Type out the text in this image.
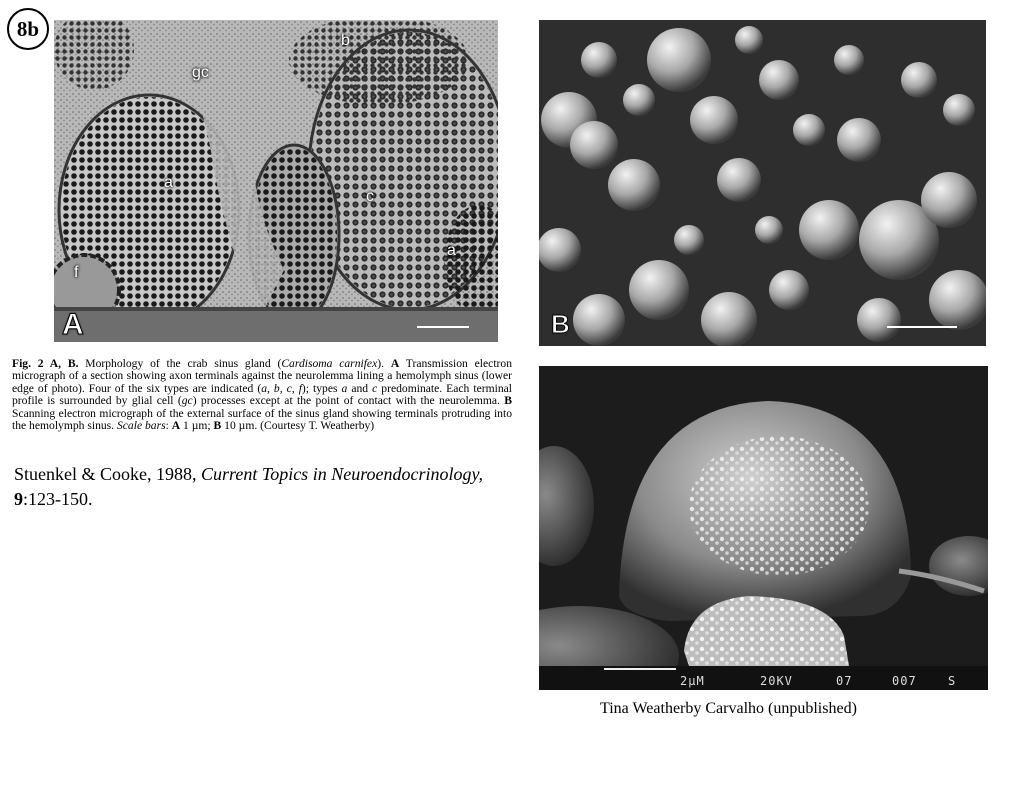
8b
gc
b
a
c
a
f
A	B
Fig. 2 A, B. Morphology of the crab sinus gland (Cardisoma carnifex). A Transmission electron micrograph of a section showing axon terminals against the neurolemma lining a hemolymph sinus (lower edge of photo). Four of the six types are indicated (a, b, c, f); types a and c predominate. Each terminal profile is surrounded by glial cell (gc) processes except at the point of contact with the neurolemma. B Scanning electron micrograph of the external surface of the sinus gland showing terminals protruding into the hemolymph sinus. Scale bars: A 1 µm; B 10 µm. (Courtesy T. Weatherby)
Stuenkel & Cooke, 1988, Current Topics in Neuroendocrinology,
9:123-150.
2µM	20KV	07	007	S
Tina Weatherby Carvalho (unpublished)
